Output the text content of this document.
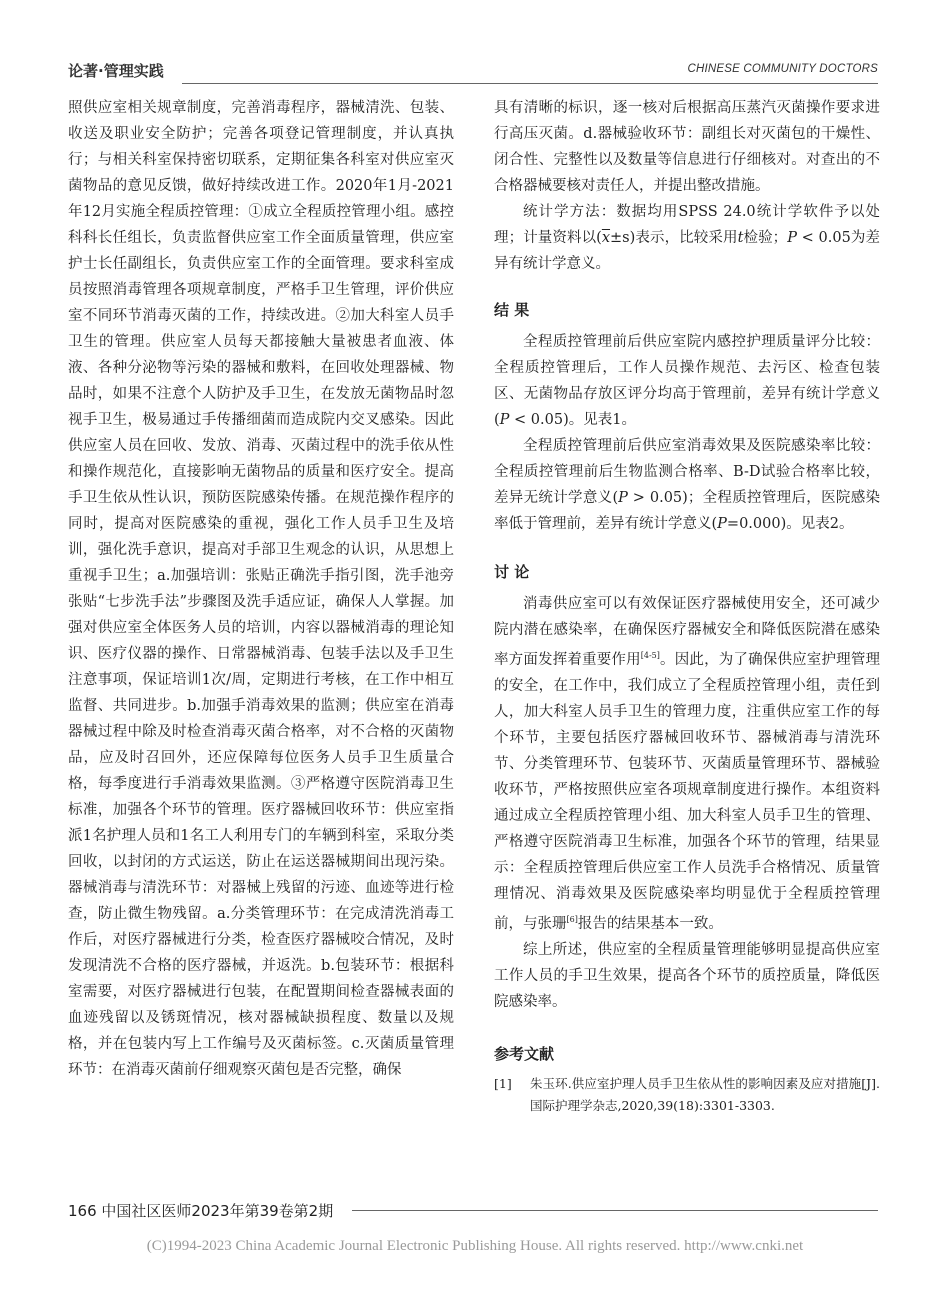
论著·管理实践	CHINESE COMMUNITY DOCTORS

照供应室相关规章制度，完善消毒程序，器械清洗、包装、收送及职业安全防护；完善各项登记管理制度，并认真执行；与相关科室保持密切联系，定期征集各科室对供应室灭菌物品的意见反馈，做好持续改进工作。2020年1月-2021年12月实施全程质控管理：①成立全程质控管理小组。感控科科长任组长，负责监督供应室工作全面质量管理，供应室护士长任副组长，负责供应室工作的全面管理。要求科室成员按照消毒管理各项规章制度，严格手卫生管理，评价供应室不同环节消毒灭菌的工作，持续改进。②加大科室人员手卫生的管理。供应室人员每天都接触大量被患者血液、体液、各种分泌物等污染的器械和敷料，在回收处理器械、物品时，如果不注意个人防护及手卫生，在发放无菌物品时忽视手卫生，极易通过手传播细菌而造成院内交叉感染。因此供应室人员在回收、发放、消毒、灭菌过程中的洗手依从性和操作规范化，直接影响无菌物品的质量和医疗安全。提高手卫生依从性认识，预防医院感染传播。在规范操作程序的同时，提高对医院感染的重视，强化工作人员手卫生及培训，强化洗手意识，提高对手部卫生观念的认识，从思想上重视手卫生；a.加强培训：张贴正确洗手指引图，洗手池旁张贴“七步洗手法”步骤图及洗手适应证，确保人人掌握。加强对供应室全体医务人员的培训，内容以器械消毒的理论知识、医疗仪器的操作、日常器械消毒、包装手法以及手卫生注意事项，保证培训1次/周，定期进行考核，在工作中相互监督、共同进步。b.加强手消毒效果的监测；供应室在消毒器械过程中除及时检查消毒灭菌合格率，对不合格的灭菌物品，应及时召回外，还应保障每位医务人员手卫生质量合格，每季度进行手消毒效果监测。③严格遵守医院消毒卫生标准，加强各个环节的管理。医疗器械回收环节：供应室指派1名护理人员和1名工人利用专门的车辆到科室，采取分类回收，以封闭的方式运送，防止在运送器械期间出现污染。器械消毒与清洗环节：对器械上残留的污迹、血迹等进行检查，防止微生物残留。a.分类管理环节：在完成清洗消毒工作后，对医疗器械进行分类，检查医疗器械咬合情况，及时发现清洗不合格的医疗器械，并返洗。b.包装环节：根据科室需要，对医疗器械进行包装，在配置期间检查器械表面的血迹残留以及锈斑情况，核对器械缺损程度、数量以及规格，并在包装内写上工作编号及灭菌标签。c.灭菌质量管理环节：在消毒灭菌前仔细观察灭菌包是否完整，确保

具有清晰的标识，逐一核对后根据高压蒸汽灭菌操作要求进行高压灭菌。d.器械验收环节：副组长对灭菌包的干燥性、闭合性、完整性以及数量等信息进行仔细核对。对查出的不合格器械要核对责任人，并提出整改措施。

统计学方法：数据均用SPSS 24.0统计学软件予以处理；计量资料以$(\overline{x}\pm s)$表示，比较采用t检验；P < 0.05为差异有统计学意义。

结 果

全程质控管理前后供应室院内感控护理质量评分比较：全程质控管理后，工作人员操作规范、去污区、检查包装区、无菌物品存放区评分均高于管理前，差异有统计学意义(P < 0.05)。见表1。

全程质控管理前后供应室消毒效果及医院感染率比较：全程质控管理前后生物监测合格率、B-D试验合格率比较，差异无统计学意义(P > 0.05)；全程质控管理后，医院感染率低于管理前，差异有统计学意义(P=0.000)。见表2。

讨 论

消毒供应室可以有效保证医疗器械使用安全，还可减少院内潜在感染率，在确保医疗器械安全和降低医院潜在感染率方面发挥着重要作用[4-5]。因此，为了确保供应室护理管理的安全，在工作中，我们成立了全程质控管理小组，责任到人，加大科室人员手卫生的管理力度，注重供应室工作的每个环节，主要包括医疗器械回收环节、器械消毒与清洗环节、分类管理环节、包装环节、灭菌质量管理环节、器械验收环节，严格按照供应室各项规章制度进行操作。本组资料通过成立全程质控管理小组、加大科室人员手卫生的管理、严格遵守医院消毒卫生标准，加强各个环节的管理，结果显示：全程质控管理后供应室工作人员洗手合格情况、质量管理情况、消毒效果及医院感染率均明显优于全程质控管理前，与张珊[6]报告的结果基本一致。

综上所述，供应室的全程质量管理能够明显提高供应室工作人员的手卫生效果，提高各个环节的质控质量，降低医院感染率。

参考文献

[1]	朱玉环.供应室护理人员手卫生依从性的影响因素及应对措施[J].国际护理学杂志,2020,39(18):3301-3303.
166 中国社区医师2023年第39卷第2期
(C)1994-2023 China Academic Journal Electronic Publishing House. All rights reserved. http://www.cnki.net
